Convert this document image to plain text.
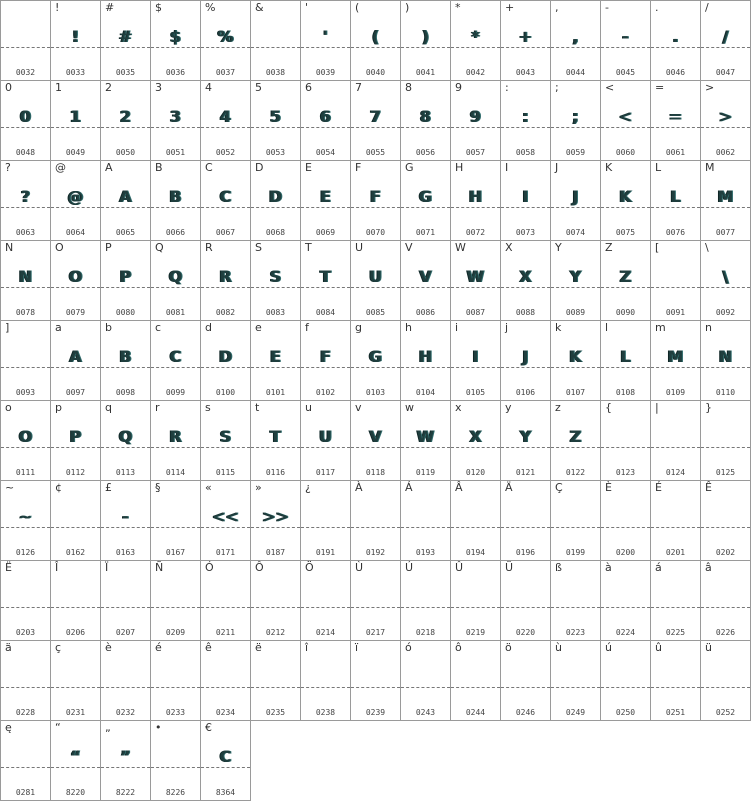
0032
!
!
0033
#
#
0035
$
$
0036
%
%
0037
&
0038
'
'
0039
(
(
0040
)
)
0041
*
*
0042
+
+
0043
,
,
0044
-
-
0045
.
.
0046
/
/
0047
0
0
0048
1
1
0049
2
2
0050
3
3
0051
4
4
0052
5
5
0053
6
6
0054
7
7
0055
8
8
0056
9
9
0057
:
:
0058
;
;
0059
<
<
0060
=
=
0061
>
>
0062
?
?
0063
@
@
0064
A
A
0065
B
B
0066
C
C
0067
D
D
0068
E
E
0069
F
F
0070
G
G
0071
H
H
0072
I
I
0073
J
J
0074
K
K
0075
L
L
0076
M
M
0077
N
N
0078
O
O
0079
P
P
0080
Q
Q
0081
R
R
0082
S
S
0083
T
T
0084
U
U
0085
V
V
0086
W
W
0087
X
X
0088
Y
Y
0089
Z
Z
0090
[
0091
\
\
0092
]
0093
a
A
0097
b
B
0098
c
C
0099
d
D
0100
e
E
0101
f
F
0102
g
G
0103
h
H
0104
i
I
0105
j
J
0106
k
K
0107
l
L
0108
m
M
0109
n
N
0110
o
O
0111
p
P
0112
q
Q
0113
r
R
0114
s
S
0115
t
T
0116
u
U
0117
v
V
0118
w
W
0119
x
X
0120
y
Y
0121
z
Z
0122
{
0123
|
0124
}
0125
~
~
0126
¢
0162
£
-
0163
§
0167
«
<<
0171
»
>>
0187
¿
0191
À
0192
Á
0193
Â
0194
Ä
0196
Ç
0199
È
0200
É
0201
Ê
0202
Ë
0203
Î
0206
Ï
0207
Ñ
0209
Ó
0211
Ô
0212
Ö
0214
Ù
0217
Ú
0218
Û
0219
Ü
0220
ß
0223
à
0224
á
0225
â
0226
ä
0228
ç
0231
è
0232
é
0233
ê
0234
ë
0235
î
0238
ï
0239
ó
0243
ô
0244
ö
0246
ù
0249
ú
0250
û
0251
ü
0252
ę
0281
“
“
8220
„
”
8222
•
8226
€
C
8364
